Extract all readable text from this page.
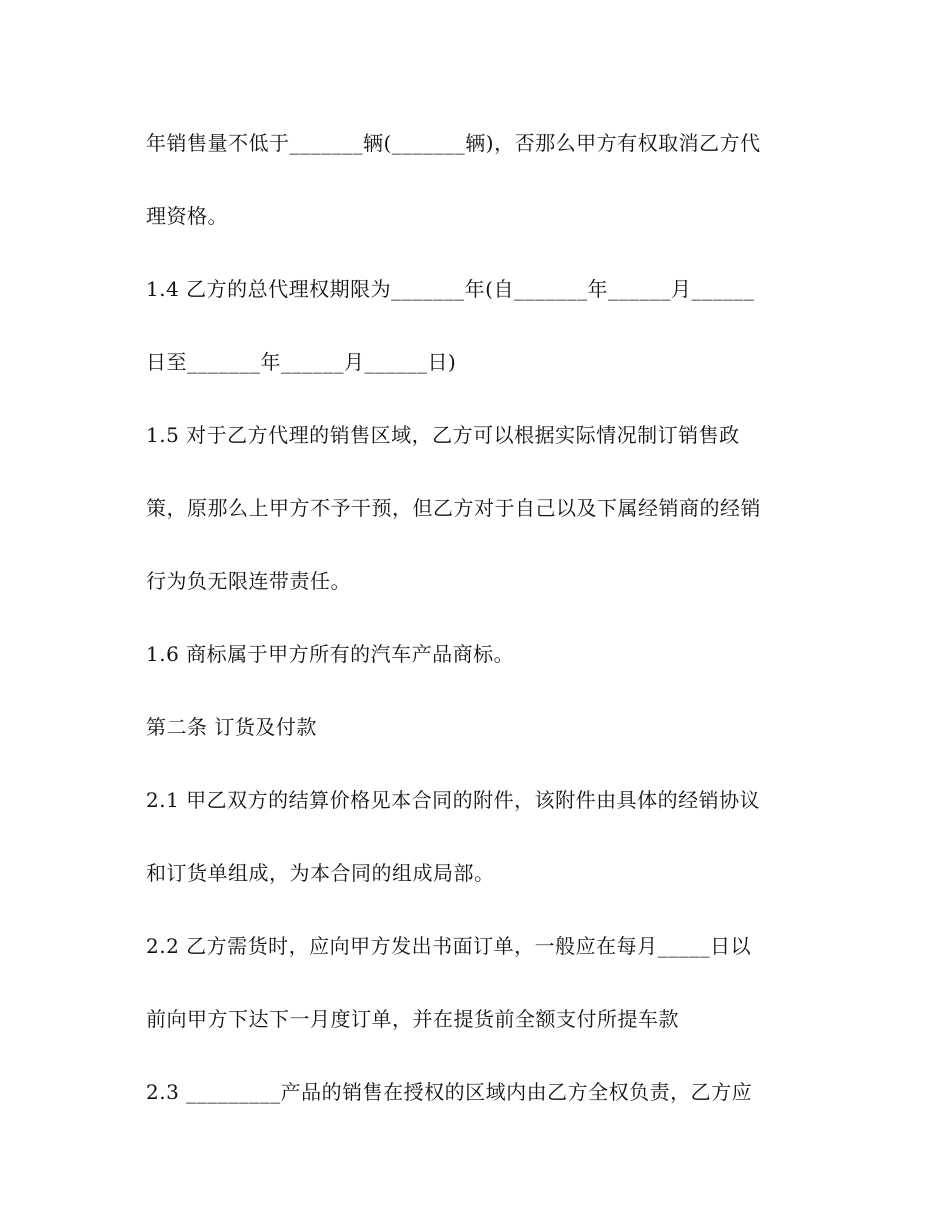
年销售量不低于_______辆(_______辆)，否那么甲方有权取消乙方代
理资格。
1.4 乙方的总代理权期限为_______年(自_______年______月______
日至_______年______月______日)
1.5 对于乙方代理的销售区域，乙方可以根据实际情况制订销售政
策，原那么上甲方不予干预，但乙方对于自己以及下属经销商的经销
行为负无限连带责任。
1.6 商标属于甲方所有的汽车产品商标。
第二条 订货及付款
2.1 甲乙双方的结算价格见本合同的附件，该附件由具体的经销协议
和订货单组成，为本合同的组成局部。
2.2 乙方需货时，应向甲方发出书面订单，一般应在每月_____日以
前向甲方下达下一月度订单，并在提货前全额支付所提车款
2.3 _________产品的销售在授权的区域内由乙方全权负责，乙方应
